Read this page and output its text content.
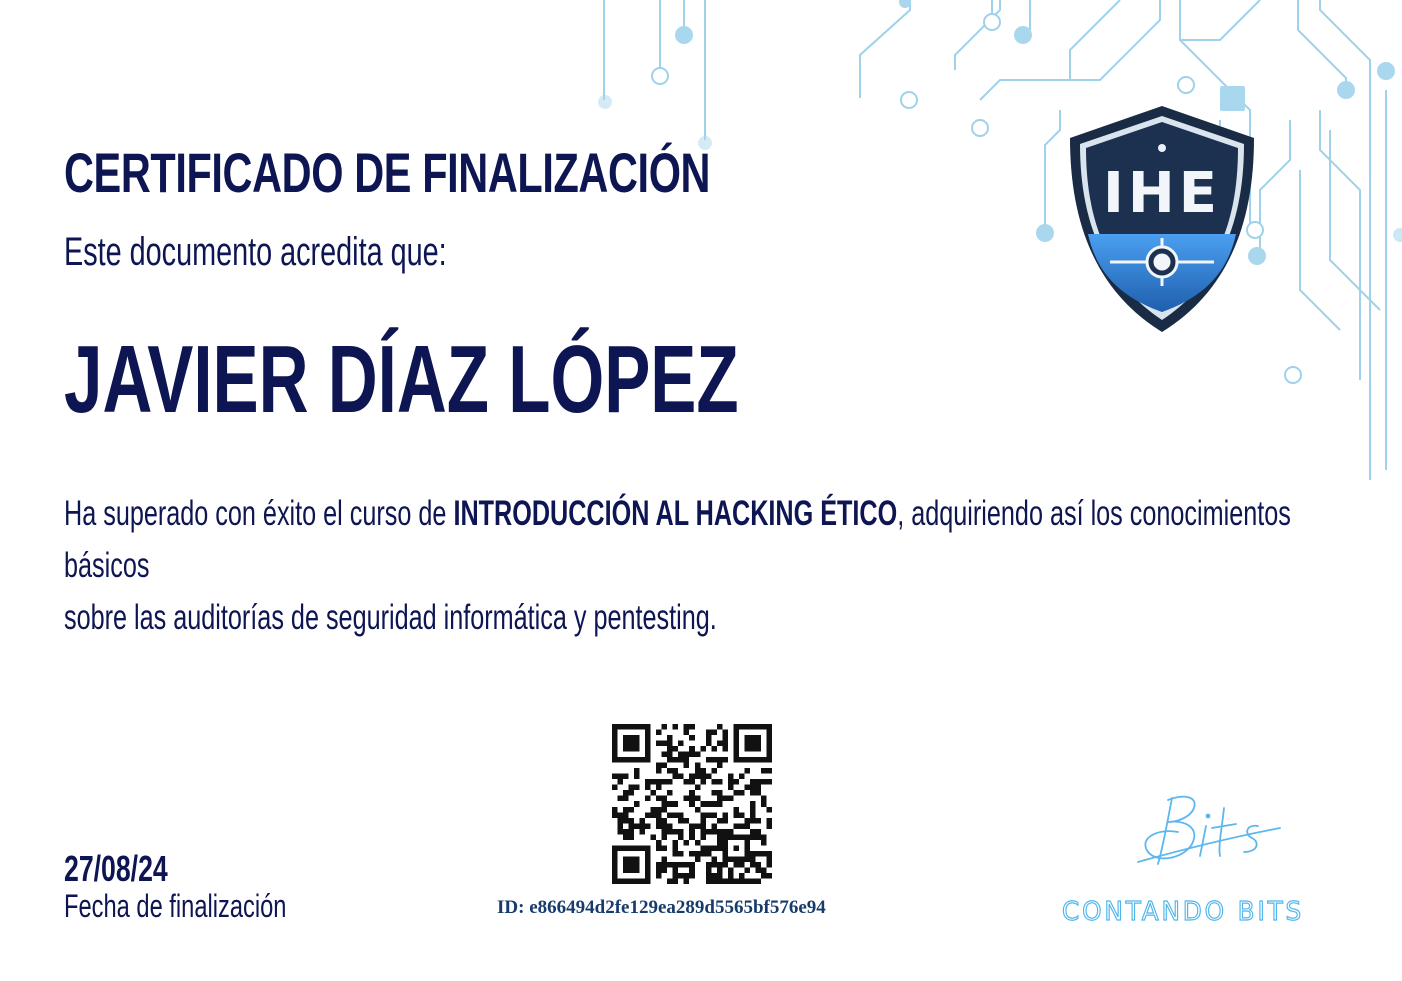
IHE
CERTIFICADO DE FINALIZACIÓN
Este documento acredita que:
JAVIER DÍAZ LÓPEZ
Ha superado con éxito el curso de INTRODUCCIÓN AL HACKING ÉTICO, adquiriendo así los conocimientos básicos
sobre las auditorías de seguridad informática y pentesting.
ID: e866494d2fe129ea289d5565bf576e94
27/08/24
Fecha de finalización	CONTANDO BITS
